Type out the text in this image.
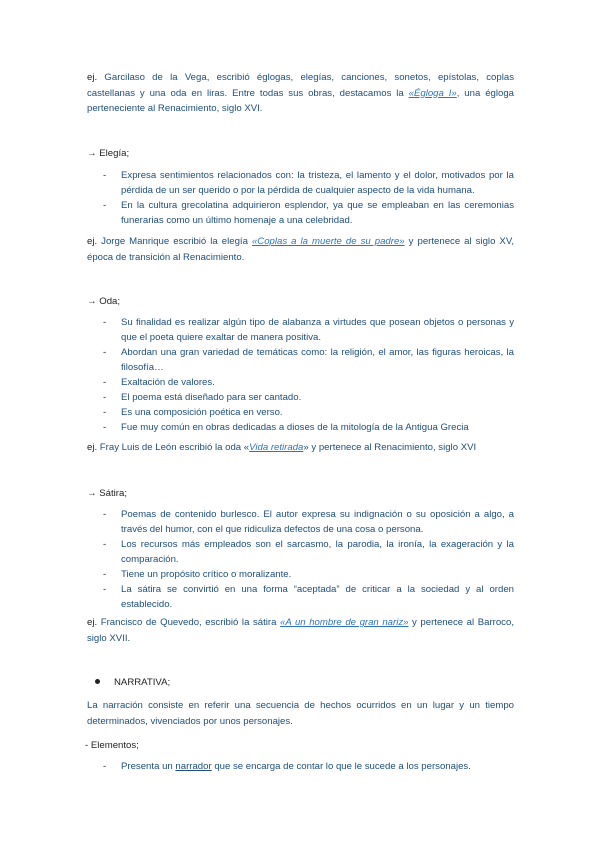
ej. Garcilaso de la Vega, escribió églogas, elegías, canciones, sonetos, epístolas, coplas castellanas y una oda en liras. Entre todas sus obras, destacamos la «Égloga I», una égloga perteneciente al Renacimiento, siglo XVI.
→ Elegía;
- Expresa sentimientos relacionados con: la tristeza, el lamento y el dolor, motivados por la pérdida de un ser querido o por la pérdida de cualquier aspecto de la vida humana.
- En la cultura grecolatina adquirieron esplendor, ya que se empleaban en las ceremonias funerarias como un último homenaje a una celebridad.
ej. Jorge Manrique escribió la elegía «Coplas a la muerte de su padre» y pertenece al siglo XV, época de transición al Renacimiento.
→ Oda;
- Su finalidad es realizar algún tipo de alabanza a virtudes que posean objetos o personas y que el poeta quiere exaltar de manera positiva.
- Abordan una gran variedad de temáticas como: la religión, el amor, las figuras heroicas, la filosofía…
- Exaltación de valores.
- El poema está diseñado para ser cantado.
- Es una composición poética en verso.
- Fue muy común en obras dedicadas a dioses de la mitología de la Antigua Grecia
ej. Fray Luis de León escribió la oda «Vida retirada» y pertenece al Renacimiento, siglo XVI
→ Sátira;
- Poemas de contenido burlesco. El autor expresa su indignación o su oposición a algo, a través del humor, con el que ridiculiza defectos de una cosa o persona.
- Los recursos más empleados son el sarcasmo, la parodia, la ironía, la exageración y la comparación.
- Tiene un propósito crítico o moralizante.
- La sátira se convirtió en una forma “aceptada” de criticar a la sociedad y al orden establecido.
ej. Francisco de Quevedo, escribió la sátira «A un hombre de gran nariz» y pertenece al Barroco, siglo XVII.
NARRATIVA;
La narración consiste en referir una secuencia de hechos ocurridos en un lugar y un tiempo determinados, vivenciados por unos personajes.
- Elementos;
- Presenta un narrador que se encarga de contar lo que le sucede a los personajes.
